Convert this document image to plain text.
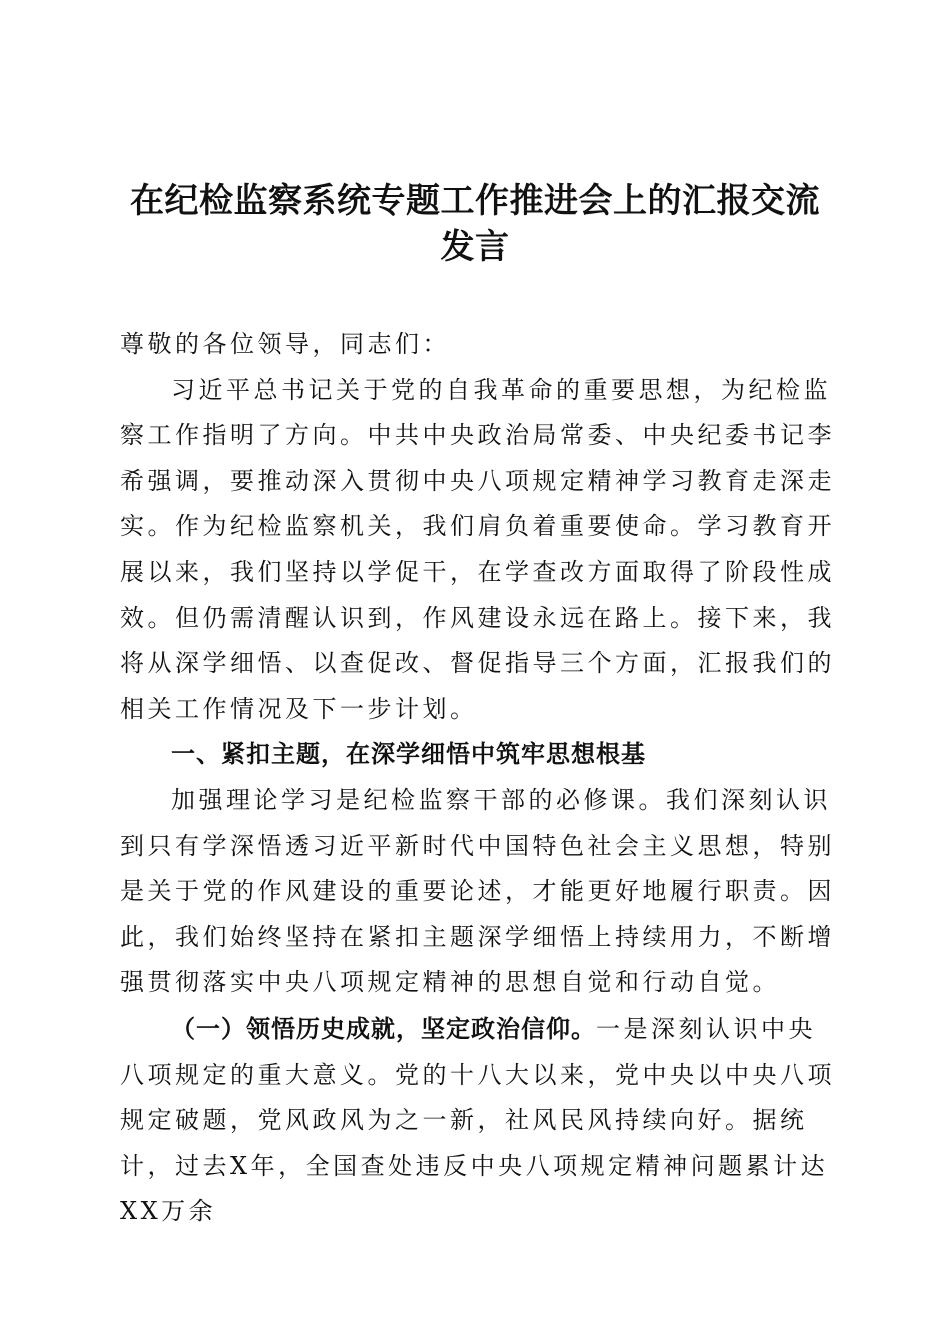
在纪检监察系统专题工作推进会上的汇报交流
发言

尊敬的各位领导，同志们：

习近平总书记关于党的自我革命的重要思想，为纪检监察工作指明了方向。中共中央政治局常委、中央纪委书记李希强调，要推动深入贯彻中央八项规定精神学习教育走深走实。作为纪检监察机关，我们肩负着重要使命。学习教育开展以来，我们坚持以学促干，在学查改方面取得了阶段性成效。但仍需清醒认识到，作风建设永远在路上。接下来，我将从深学细悟、以查促改、督促指导三个方面，汇报我们的相关工作情况及下一步计划。

一、紧扣主题，在深学细悟中筑牢思想根基

加强理论学习是纪检监察干部的必修课。我们深刻认识到只有学深悟透习近平新时代中国特色社会主义思想，特别是关于党的作风建设的重要论述，才能更好地履行职责。因此，我们始终坚持在紧扣主题深学细悟上持续用力，不断增强贯彻落实中央八项规定精神的思想自觉和行动自觉。

（一）领悟历史成就，坚定政治信仰。一是深刻认识中央八项规定的重大意义。党的十八大以来，党中央以中央八项规定破题，党风政风为之一新，社风民风持续向好。据统计，过去X年，全国查处违反中央八项规定精神问题累计达XX万余
